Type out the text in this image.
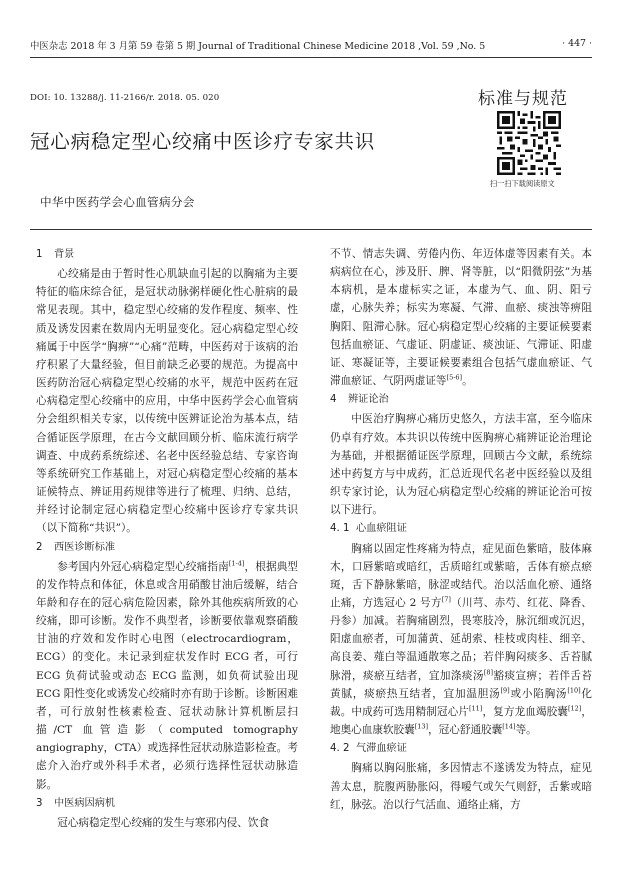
中医杂志 2018 年 3 月第 59 卷第 5 期 Journal of Traditional Chinese Medicine 2018 ,Vol. 59 ,No. 5	· 447 ·
DOI: 10. 13288/j. 11-2166/r. 2018. 05. 020	标准与规范
扫一扫下载阅读原文
冠心病稳定型心绞痛中医诊疗专家共识
中华中医药学会心血管病分会

1 背景

心绞痛是由于暂时性心肌缺血引起的以胸痛为主要特征的临床综合征，是冠状动脉粥样硬化性心脏病的最常见表现。其中，稳定型心绞痛的发作程度、频率、性质及诱发因素在数周内无明显变化。冠心病稳定型心绞痛属于中医学“胸痹”“心痛”范畴，中医药对于该病的治疗积累了大量经验，但目前缺乏必要的规范。为提高中医药防治冠心病稳定型心绞痛的水平，规范中医药在冠心病稳定型心绞痛中的应用，中华中医药学会心血管病分会组织相关专家，以传统中医辨证论治为基本点，结合循证医学原理，在古今文献回顾分析、临床流行病学调查、中成药系统综述、名老中医经验总结、专家咨询等系统研究工作基础上，对冠心病稳定型心绞痛的基本证候特点、辨证用药规律等进行了梳理、归纳、总结，并经讨论制定冠心病稳定型心绞痛中医诊疗专家共识（以下简称“共识”）。

2 西医诊断标准

参考国内外冠心病稳定型心绞痛指南[1-4]，根据典型的发作特点和体征，休息或含用硝酸甘油后缓解，结合年龄和存在的冠心病危险因素，除外其他疾病所致的心绞痛，即可诊断。发作不典型者，诊断要依靠观察硝酸甘油的疗效和发作时心电图（electrocardiogram，ECG）的变化。未记录到症状发作时 ECG 者，可行 ECG 负荷试验或动态 ECG 监测，如负荷试验出现 ECG 阳性变化或诱发心绞痛时亦有助于诊断。诊断困难者，可行放射性核素检查、冠状动脉计算机断层扫描/CT 血管造影（computed tomography angiography，CTA）或选择性冠状动脉造影检查。考虑介入治疗或外科手术者，必须行选择性冠状动脉造影。

3 中医病因病机

冠心病稳定型心绞痛的发生与寒邪内侵、饮食

不节、情志失调、劳倦内伤、年迈体虚等因素有关。本病病位在心，涉及肝、脾、肾等脏，以“阳微阴弦”为基本病机，是本虚标实之证，本虚为气、血、阴、阳亏虚，心脉失养；标实为寒凝、气滞、血瘀、痰浊等痹阻胸阳、阻滞心脉。冠心病稳定型心绞痛的主要证候要素包括血瘀证、气虚证、阴虚证、痰浊证、气滞证、阳虚证、寒凝证等，主要证候要素组合包括气虚血瘀证、气滞血瘀证、气阴两虚证等[5-6]。

4 辨证论治

中医治疗胸痹心痛历史悠久，方法丰富，至今临床仍卓有疗效。本共识以传统中医胸痹心痛辨证论治理论为基础，并根据循证医学原理，回顾古今文献，系统综述中药复方与中成药，汇总近现代名老中医经验以及组织专家讨论，认为冠心病稳定型心绞痛的辨证论治可按以下进行。

4. 1 心血瘀阻证

胸痛以固定性疼痛为特点，症见面色紫暗，肢体麻木，口唇紫暗或暗红，舌质暗红或紫暗，舌体有瘀点瘀斑，舌下静脉紫暗，脉涩或结代。治以活血化瘀、通络止痛，方选冠心 2 号方[7]（川芎、赤芍、红花、降香、丹参）加减。若胸痛剧烈，畏寒肢冷，脉沉细或沉迟，阳虚血瘀者，可加蒲黄、延胡索、桂枝或肉桂、细辛、高良姜、薤白等温通散寒之品；若伴胸闷痰多、舌苔腻脉滑，痰瘀互结者，宜加涤痰汤[8]豁痰宣痹；若伴舌苔黄腻，痰瘀热互结者，宜加温胆汤[9]或小陷胸汤[10]化裁。中成药可选用精制冠心片[11]，复方龙血竭胶囊[12]，地奥心血康软胶囊[13]，冠心舒通胶囊[14]等。

4. 2 气滞血瘀证

胸痛以胸闷胀痛，多因情志不遂诱发为特点，症见善太息，脘腹两胁胀闷，得嗳气或矢气则舒，舌紫或暗红，脉弦。治以行气活血、通络止痛，方
